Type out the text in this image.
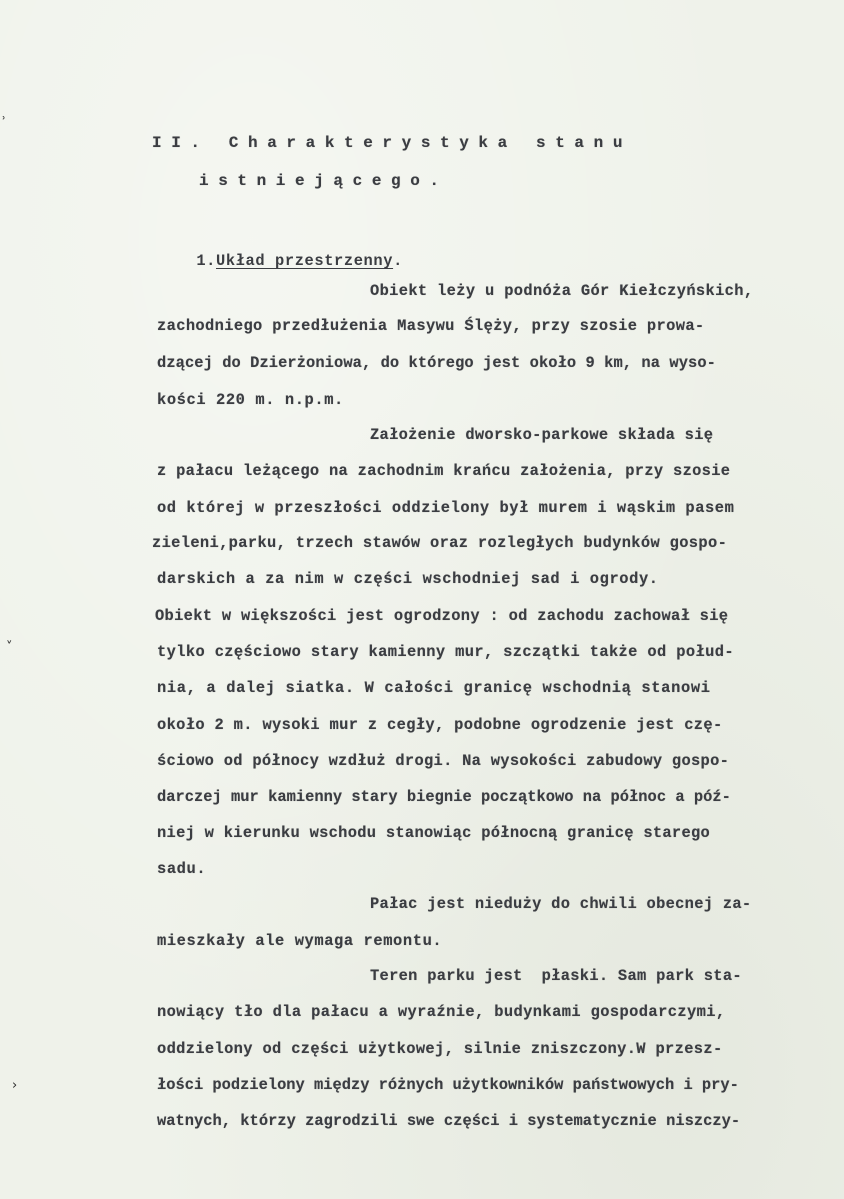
˒
˅
›
II. Charakterystyka stanu
istniejącego.

1.Układ przestrzenny.

Obiekt leży u podnóża Gór Kiełczyńskich,
zachodniego przedłużenia Masywu Ślęży, przy szosie prowa-
dzącej do Dzierżoniowa, do którego jest około 9 km, na wyso-
kości 220 m. n.p.m.
Założenie dworsko-parkowe składa się
z pałacu leżącego na zachodnim krańcu założenia, przy szosie
od której w przeszłości oddzielony był murem i wąskim pasem
zieleni,parku, trzech stawów oraz rozległych budynków gospo-
darskich a za nim w części wschodniej sad i ogrody.
Obiekt w większości jest ogrodzony : od zachodu zachował się
tylko częściowo stary kamienny mur, szczątki także od połud-
nia, a dalej siatka. W całości granicę wschodnią stanowi
około 2 m. wysoki mur z cegły, podobne ogrodzenie jest czę-
ściowo od północy wzdłuż drogi. Na wysokości zabudowy gospo-
darczej mur kamienny stary biegnie początkowo na północ a póź-
niej w kierunku wschodu stanowiąc północną granicę starego
sadu.
Pałac jest nieduży do chwili obecnej za-
mieszkały ale wymaga remontu.
Teren parku jest  płaski. Sam park sta-
nowiący tło dla pałacu a wyraźnie, budynkami gospodarczymi,
oddzielony od części użytkowej, silnie zniszczony.W przesz-
łości podzielony między różnych użytkowników państwowych i pry-
watnych, którzy zagrodzili swe części i systematycznie niszczy-
